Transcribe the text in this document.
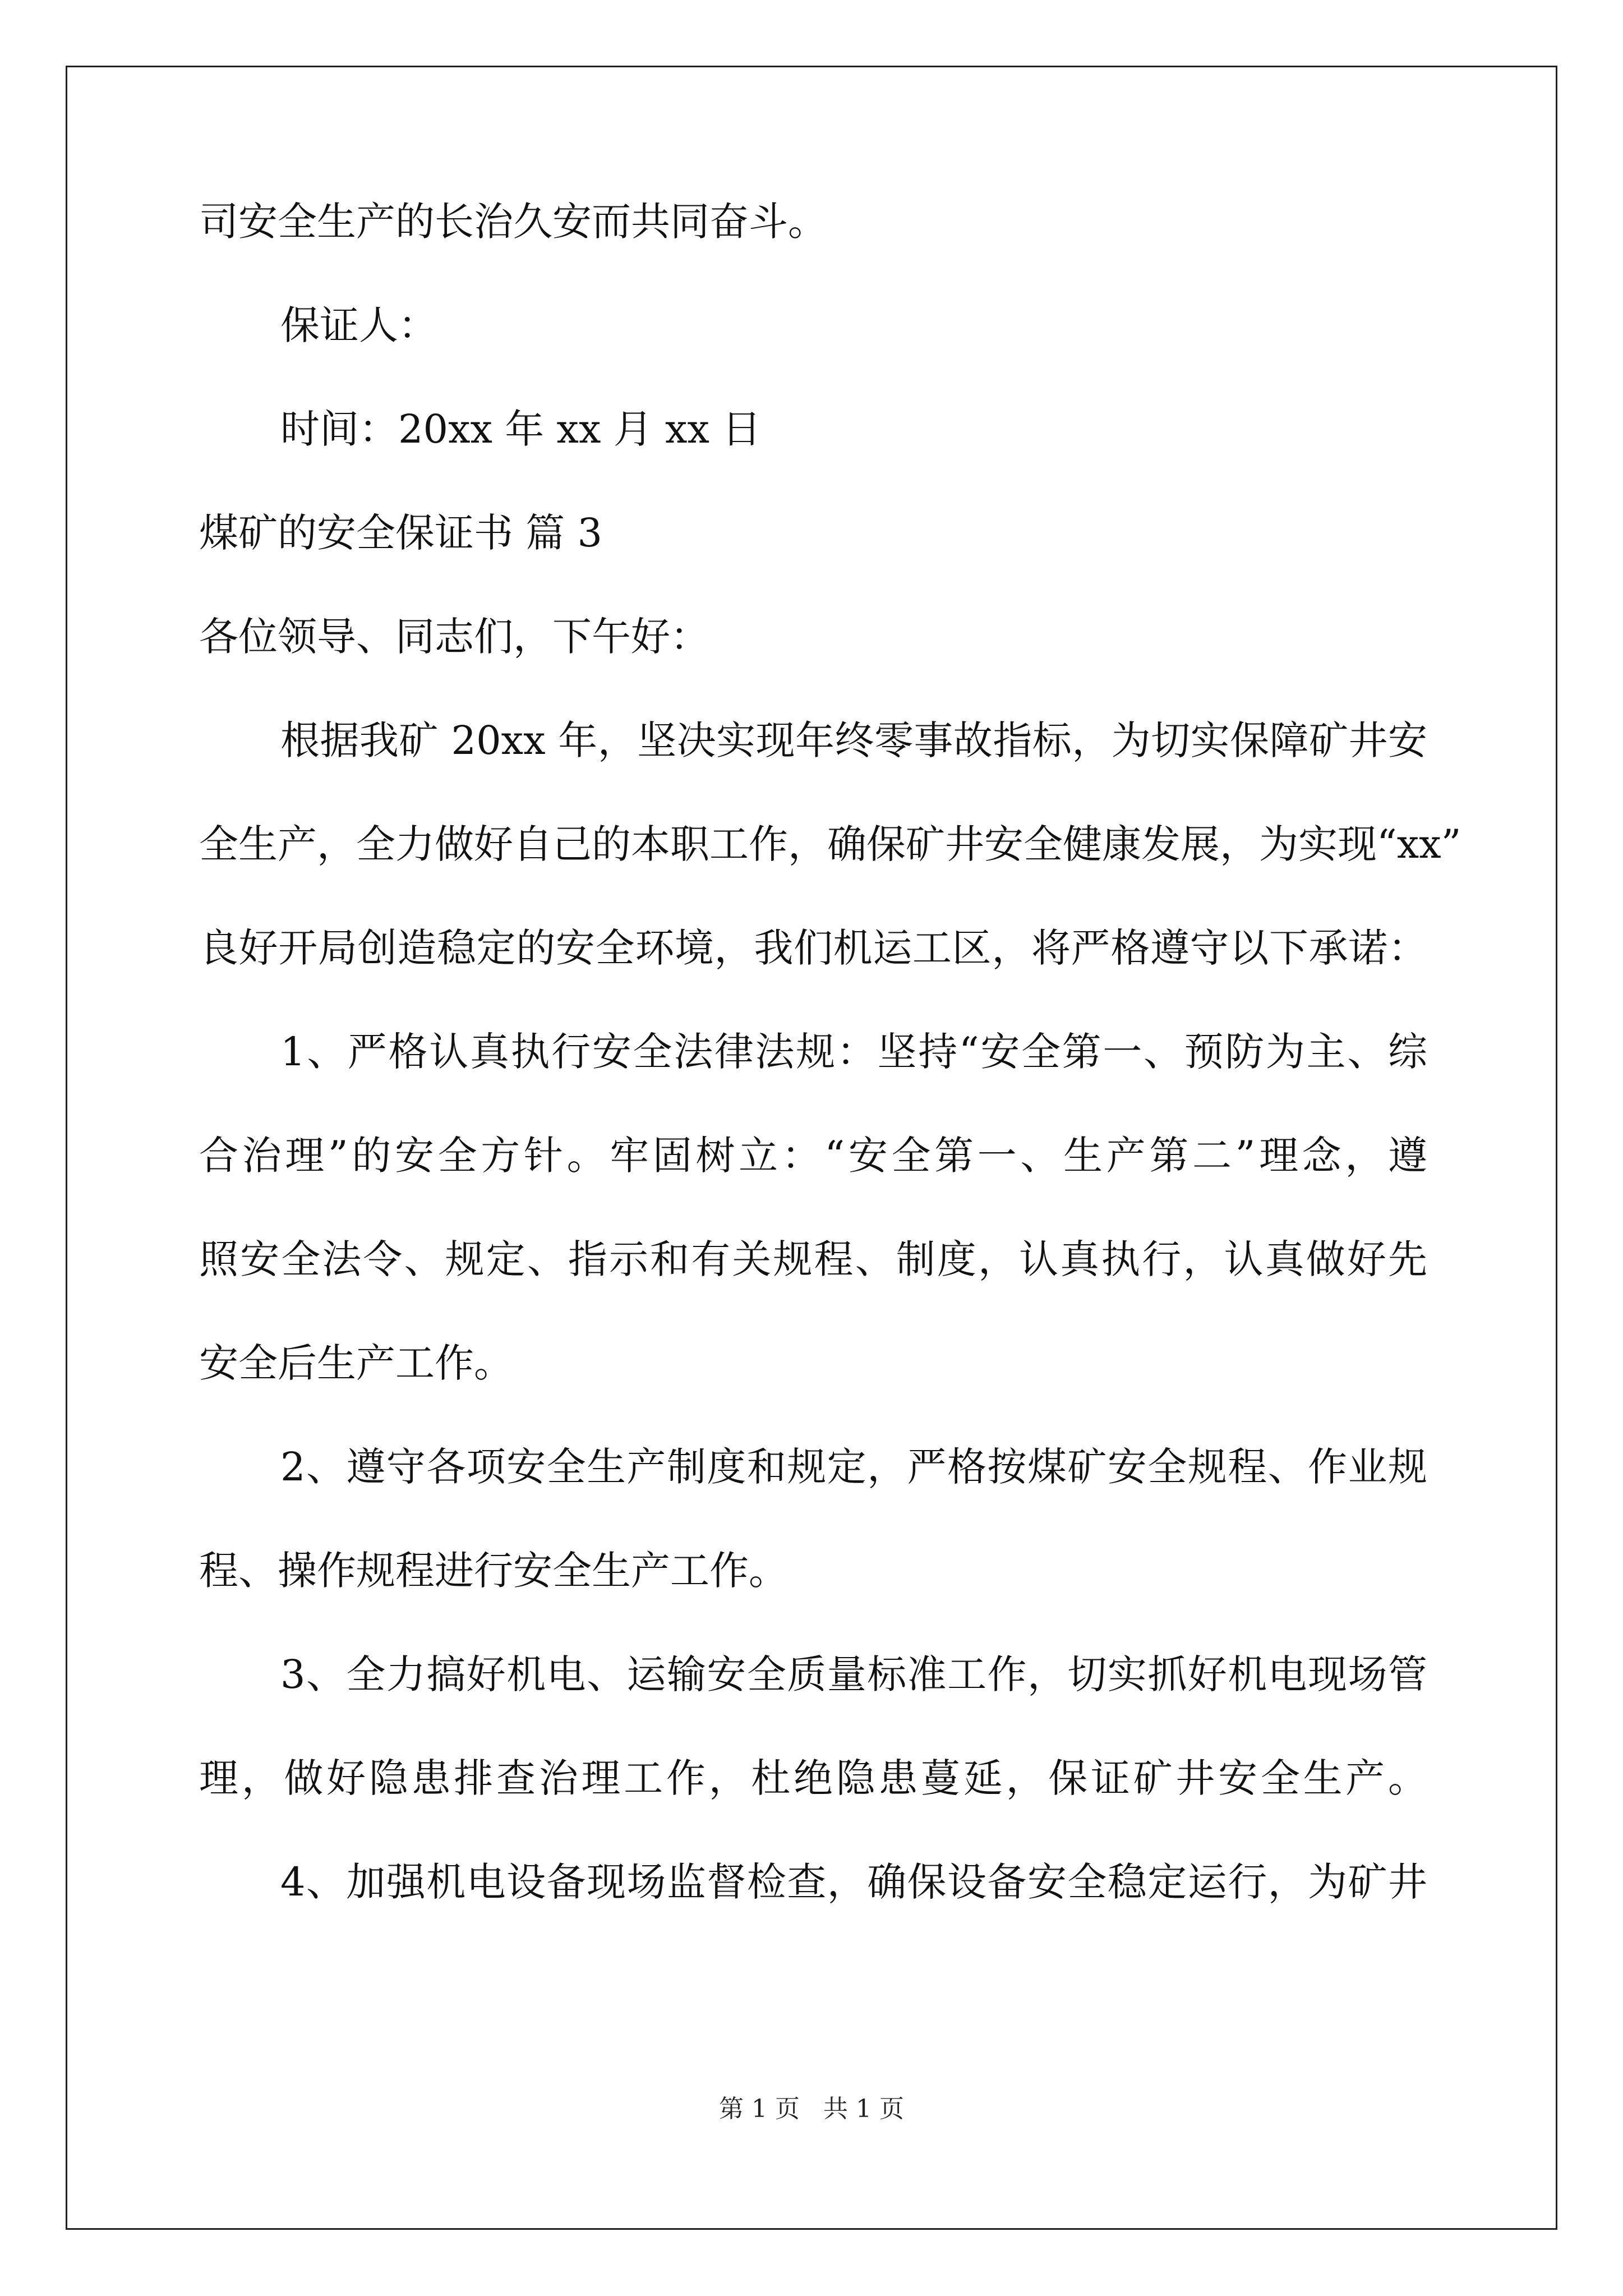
司安全生产的长治久安而共同奋斗。
保证人：
时间：20xx 年 xx 月 xx 日
煤矿的安全保证书 篇 3
各位领导、同志们，下午好：
根据我矿 20xx 年，坚决实现年终零事故指标，为切实保障矿井安
全生产，全力做好自己的本职工作，确保矿井安全健康发展，为实现“xx”
良好开局创造稳定的安全环境，我们机运工区，将严格遵守以下承诺：
1、严格认真执行安全法律法规：坚持“安全第一、预防为主、综
合治理”的安全方针。牢固树立：“安全第一、生产第二”理念，遵
照安全法令、规定、指示和有关规程、制度，认真执行，认真做好先
安全后生产工作。
2、遵守各项安全生产制度和规定，严格按煤矿安全规程、作业规
程、操作规程进行安全生产工作。
3、全力搞好机电、运输安全质量标准工作，切实抓好机电现场管
理，做好隐患排查治理工作，杜绝隐患蔓延，保证矿井安全生产。
4、加强机电设备现场监督检查，确保设备安全稳定运行，为矿井
第 1 页 共 1 页
